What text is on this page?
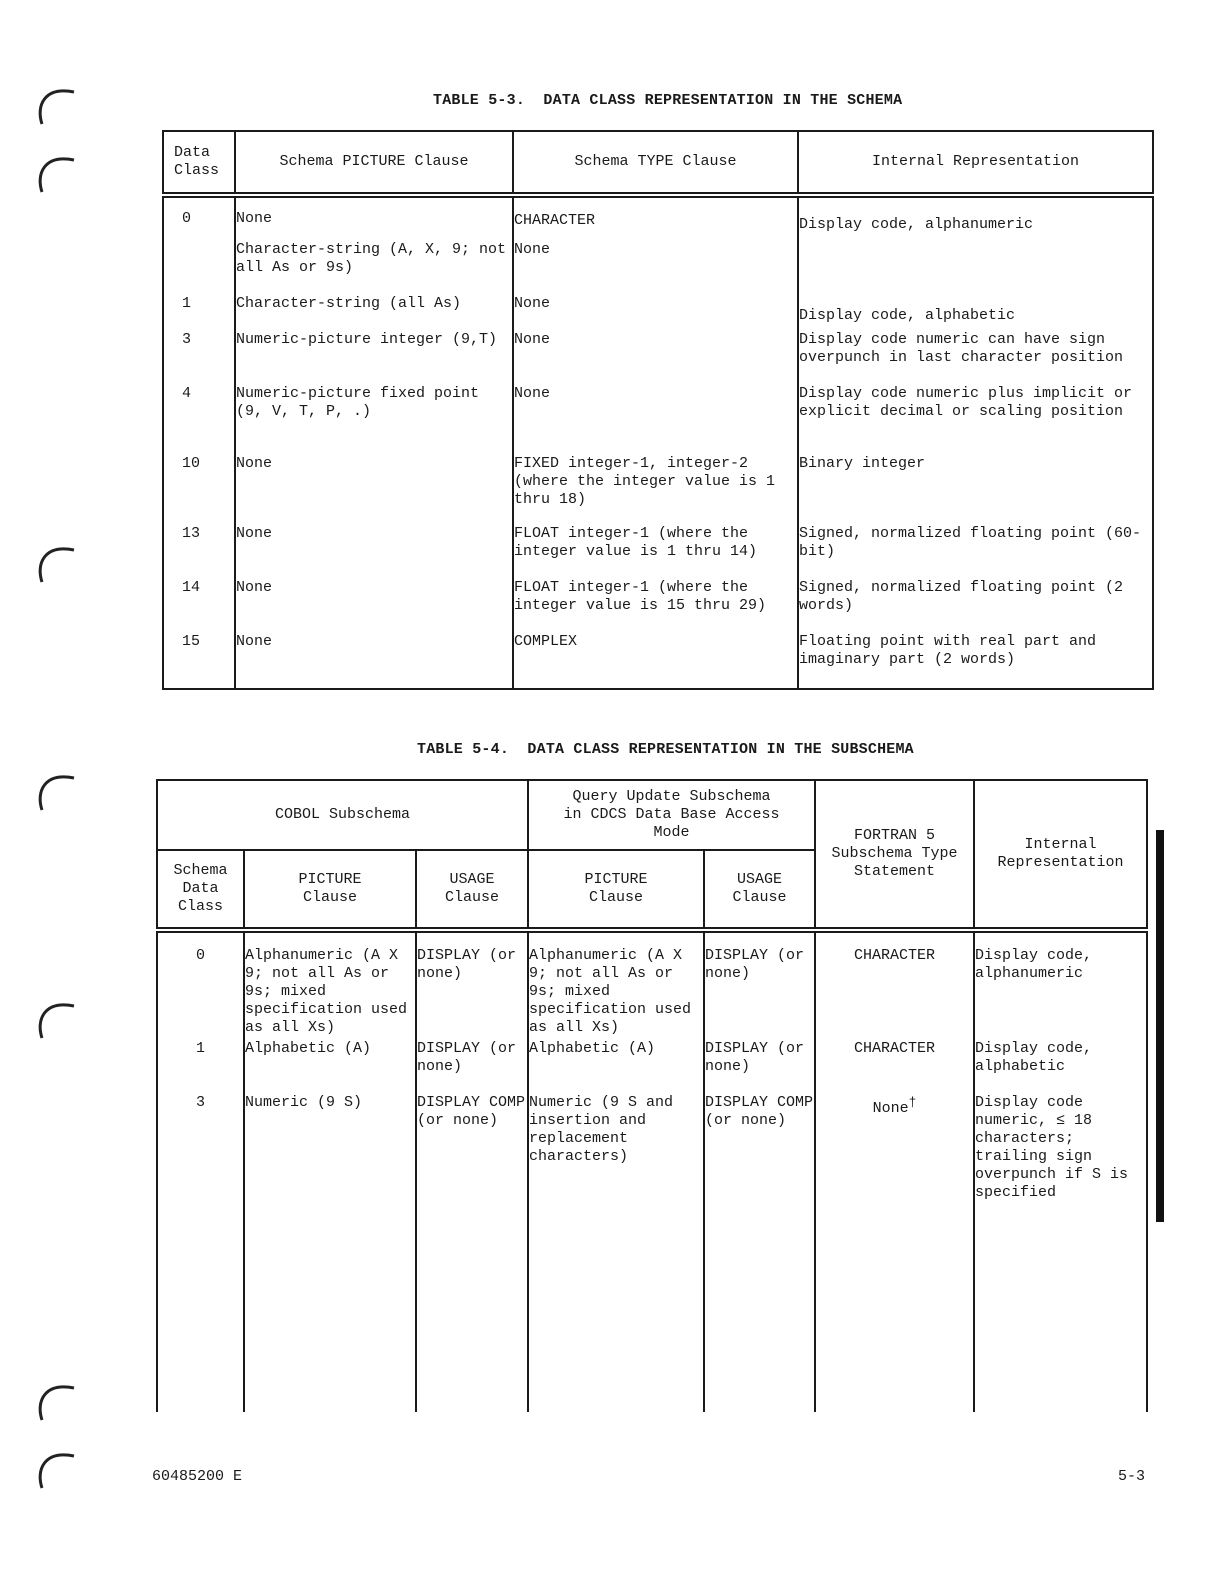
TABLE 5-3.  DATA CLASS REPRESENTATION IN THE SCHEMA
Data Class	Schema PICTURE Clause	Schema TYPE Clause	Internal Representation
0	None	CHARACTER	Display code, alphanumeric
	Character-string (A, X, 9; not all As or 9s)	None	
1	Character-string (all As)	None	Display code, alphabetic
3	Numeric-picture integer (9,T)	None	Display code numeric can have sign overpunch in last character position
4	Numeric-picture fixed point (9, V, T, P, .)	None	Display code numeric plus implicit or explicit decimal or scaling position
10	None	FIXED integer-1, integer-2 (where the integer value is 1 thru 18)	Binary integer
13	None	FLOAT integer-1 (where the integer value is 1 thru 14)	Signed, normalized floating point (60-bit)
14	None	FLOAT integer-1 (where the integer value is 15 thru 29)	Signed, normalized floating point (2 words)
15	None	COMPLEX	Floating point with real part and imaginary part (2 words)
TABLE 5-4.  DATA CLASS REPRESENTATION IN THE SUBSCHEMA
COBOL Subschema			Query Update Subschema in CDCS Data Base Access Mode		FORTRAN 5 Subschema Type Statement	Internal Representation
Schema Data Class	PICTURE Clause	USAGE Clause	PICTURE Clause	USAGE Clause		
0	Alphanumeric (A X 9; not all As or 9s; mixed specification used as all Xs)	DISPLAY (or none)	Alphanumeric (A X 9; not all As or 9s; mixed specification used as all Xs)	DISPLAY (or none)	CHARACTER	Display code, alphanumeric
1	Alphabetic (A)	DISPLAY (or none)	Alphabetic (A)	DISPLAY (or none)	CHARACTER	Display code, alphabetic
3	Numeric (9 S)	DISPLAY COMP (or none)	Numeric (9 S and insertion and replacement characters)	DISPLAY COMP (or none)	None†	Display code numeric, ≤ 18 characters; trailing sign overpunch if S is specified
60485200 E	5-3
